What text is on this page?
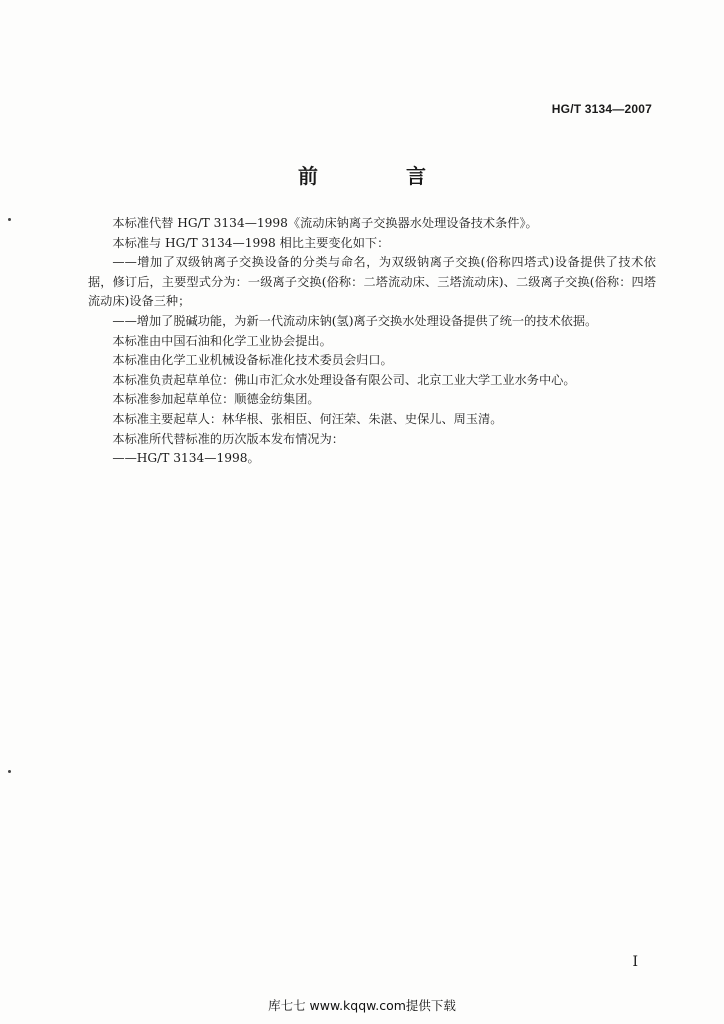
HG/T 3134—2007
前　言

本标准代替 HG/T 3134—1998《流动床钠离子交换器水处理设备技术条件》。

本标准与 HG/T 3134—1998 相比主要变化如下：

——增加了双级钠离子交换设备的分类与命名，为双级钠离子交换(俗称四塔式)设备提供了技术依据，修订后，主要型式分为：一级离子交换(俗称：二塔流动床、三塔流动床)、二级离子交换(俗称：四塔流动床)设备三种；

——增加了脱碱功能，为新一代流动床钠(氢)离子交换水处理设备提供了统一的技术依据。

本标准由中国石油和化学工业协会提出。

本标准由化学工业机械设备标准化技术委员会归口。

本标准负责起草单位：佛山市汇众水处理设备有限公司、北京工业大学工业水务中心。

本标准参加起草单位：顺德金纺集团。

本标准主要起草人：林华根、张相臣、何汪荣、朱湛、史保儿、周玉清。

本标准所代替标准的历次版本发布情况为：

——HG/T 3134—1998。

I
库七七 www.kqqw.com提供下载
